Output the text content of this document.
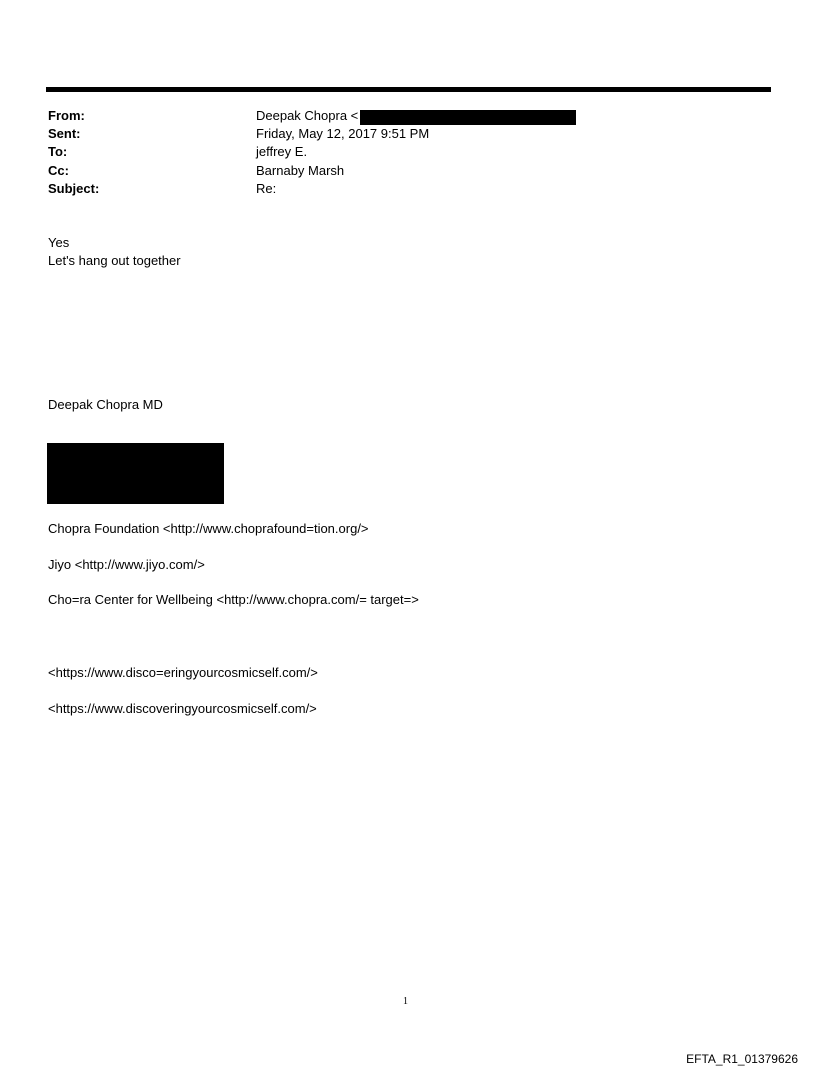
From:	Deepak Chopra <
Sent:	Friday, May 12, 2017 9:51 PM
To:	jeffrey E.
Cc:	Barnaby Marsh
Subject:	Re:
Yes
Let's hang out together
Deepak Chopra MD
Chopra Foundation <http://www.choprafound=tion.org/>
Jiyo <http://www.jiyo.com/>
Cho=ra Center for Wellbeing <http://www.chopra.com/= target=>
<https://www.disco=eringyourcosmicself.com/>
<https://www.discoveringyourcosmicself.com/>
1
EFTA_R1_01379626
